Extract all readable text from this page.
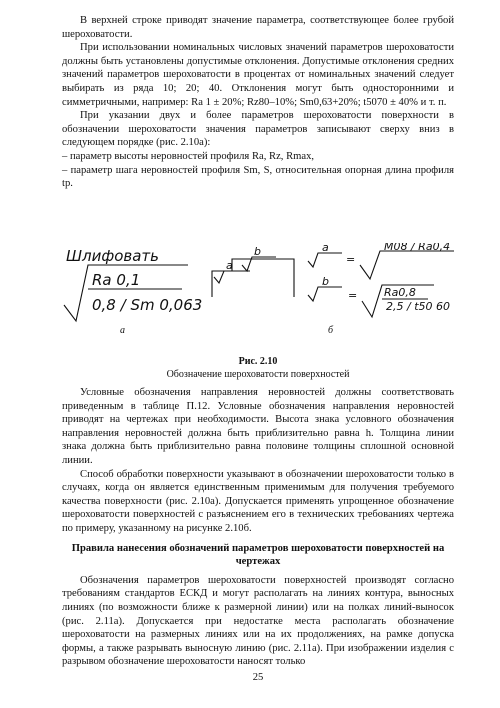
В верхней строке приводят значение параметра, соответствующее более грубой шероховатости.

При использовании номинальных числовых значений параметров шероховатости должны быть установлены допустимые отклонения. Допустимые отклонения средних значений параметров шероховатости в процентах от номинальных значений следует выбирать из ряда 10; 20; 40. Отклонения могут быть односторонними и симметричными, например: Ra 1 ± 20%; Rz80–10%; Sm0,63+20%; t5070 ± 40% и т. п.

При указании двух и более параметров шероховатости поверхности в обозначении шероховатости значения параметров записывают сверху вниз в следующем порядке (рис. 2.10а):

– параметр высоты неровностей профиля Ra, Rz, Rmax,

– параметр шага неровностей профиля Sm, S, относительная опорная длина профиля tp.

Шлифовать
Ra 0,1
0,8 / Sm 0,063
a
b	a
b
=
=
M08 / Ra0,4
Ra0,8
2,5 / t50 60
а	б
Рис. 2.10
Обозначение шероховатости поверхностей

Условные обозначения направления неровностей должны соответствовать приведенным в таблице П.12. Условные обозначения направления неровностей приводят на чертежах при необходимости. Высота знака условного обозначения направления неровностей должна быть приблизительно равна h. Толщина линии знака должна быть приблизительно равна половине толщины сплошной основной линии.

Способ обработки поверхности указывают в обозначении шероховатости только в случаях, когда он является единственным применимым для получения требуемого качества поверхности (рис. 2.10а). Допускается применять упрощенное обозначение шероховатости поверхностей с разъяснением его в технических требованиях чертежа по примеру, указанному на рисунке 2.10б.

Правила нанесения обозначений параметров шероховатости поверхностей на чертежах

Обозначения параметров шероховатости поверхностей производят согласно требованиям стандартов ЕСКД и могут располагать на линиях контура, выносных линиях (по возможности ближе к размерной линии) или на полках линий-выносок (рис. 2.11а). Допускается при недостатке места располагать обозначение шероховатости на размерных линиях или на их продолжениях, на рамке допуска формы, а также разрывать выносную линию (рис. 2.11а). При изображении изделия с разрывом обозначение шероховатости наносят только

25
